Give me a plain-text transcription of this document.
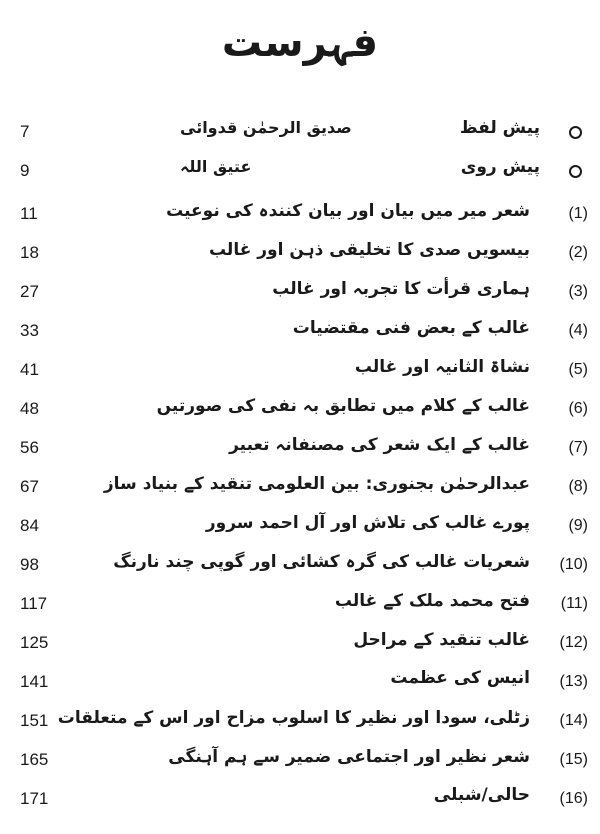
فہرست
7	صدیق الرحمٰن قدوائی	پیش لفظ
9	عتیق اللہ	پیش روی
11	شعر میر میں بیان اور بیان کنندہ کی نوعیت	(1)
18	بیسویں صدی کا تخلیقی ذہن اور غالب	(2)
27	ہماری قرأت کا تجربہ اور غالب	(3)
33	غالب کے بعض فنی مقتضیات	(4)
41	نشاۃ الثانیہ اور غالب	(5)
48	غالب کے کلام میں تطابق بہ نفی کی صورتیں	(6)
56	غالب کے ایک شعر کی مصنفانہ تعبیر	(7)
67	عبدالرحمٰن بجنوری: بین العلومی تنقید کے بنیاد ساز	(8)
84	پورے غالب کی تلاش اور آل احمد سرور	(9)
98	شعریات غالب کی گرہ کشائی اور گوپی چند نارنگ	(10)
117	فتح محمد ملک کے غالب	(11)
125	غالب تنقید کے مراحل	(12)
141	انیس کی عظمت	(13)
151 زٹلی، سودا اور نظیر کا اسلوب مزاح اور اس کے متعلقات	(14)
165	شعر نظیر اور اجتماعی ضمیر سے ہم آہنگی	(15)
171	حالی/شبلی	(16)
